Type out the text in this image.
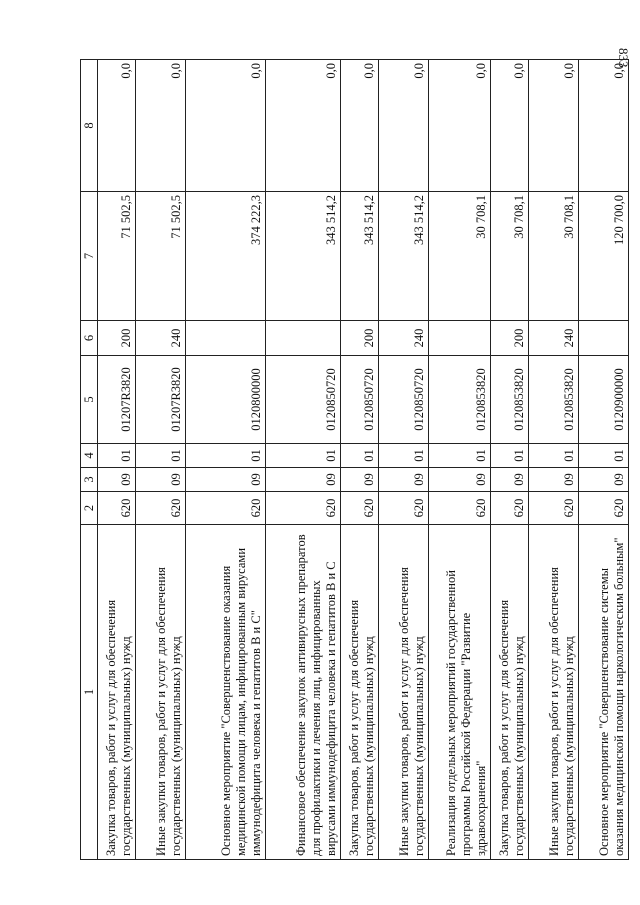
833
1	2	3	4	5	6	7	8
Закупка товаров, работ и услуг для обеспечения государственных (муниципальных) нужд	620	09	01	01207R3820	200	71 502,5	0,0
Иные закупки товаров, работ и услуг для обеспечения государственных (муниципальных) нужд	620	09	01	01207R3820	240	71 502,5	0,0
Основное мероприятие "Совершенствование оказания медицинской помощи лицам, инфицированным вирусами иммунодефицита человека и гепатитов В и С"	620	09	01	0120800000		374 222,3	0,0
Финансовое обеспечение закупок антивирусных препаратов для профилактики и лечения лиц, инфицированных вирусами иммунодефицита человека и гепатитов В и С	620	09	01	0120850720		343 514,2	0,0
Закупка товаров, работ и услуг для обеспечения государственных (муниципальных) нужд	620	09	01	0120850720	200	343 514,2	0,0
Иные закупки товаров, работ и услуг для обеспечения государственных (муниципальных) нужд	620	09	01	0120850720	240	343 514,2	0,0
Реализация отдельных мероприятий государственной программы Российской Федерации "Развитие здравоохранения"	620	09	01	0120853820		30 708,1	0,0
Закупка товаров, работ и услуг для обеспечения государственных (муниципальных) нужд	620	09	01	0120853820	200	30 708,1	0,0
Иные закупки товаров, работ и услуг для обеспечения государственных (муниципальных) нужд	620	09	01	0120853820	240	30 708,1	0,0
Основное мероприятие "Совершенствование системы оказания медицинской помощи наркологическим больным"	620	09	01	0120900000		120 700,0	0,0
